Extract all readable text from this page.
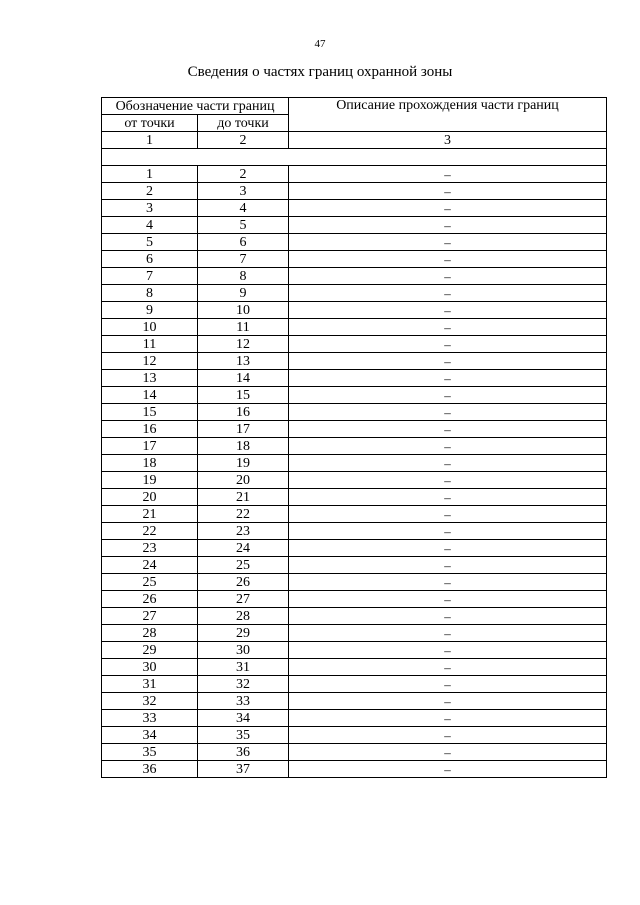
47
Сведения о частях границ охранной зоны
Обозначение части границ		Описание прохождения части границ
от точки	до точки	
1	2	3

1	2	–
2	3	–
3	4	–
4	5	–
5	6	–
6	7	–
7	8	–
8	9	–
9	10	–
10	11	–
11	12	–
12	13	–
13	14	–
14	15	–
15	16	–
16	17	–
17	18	–
18	19	–
19	20	–
20	21	–
21	22	–
22	23	–
23	24	–
24	25	–
25	26	–
26	27	–
27	28	–
28	29	–
29	30	–
30	31	–
31	32	–
32	33	–
33	34	–
34	35	–
35	36	–
36	37	–
